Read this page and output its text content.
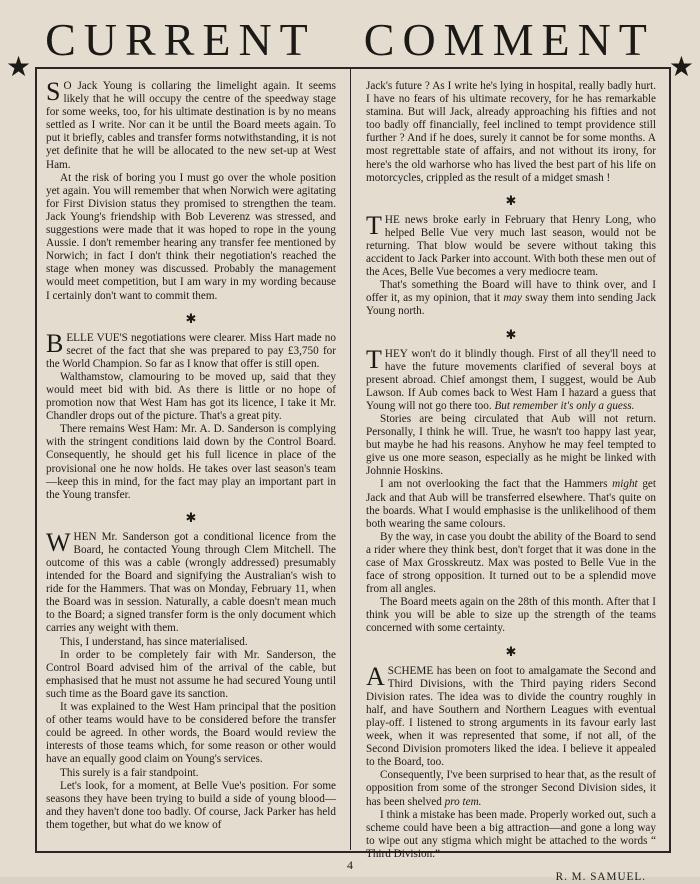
CURRENT COMMENT
★	★

S O Jack Young is collaring the limelight again. It seems likely that he will occupy the centre of the speedway stage for some weeks, too, for his ultimate destination is by no means settled as I write. Nor can it be until the Board meets again. To put it briefly, cables and transfer forms notwithstanding, it is not yet definite that he will be allocated to the new set-up at West Ham.

At the risk of boring you I must go over the whole position yet again. You will remember that when Norwich were agitating for First Division status they promised to strengthen the team. Jack Young's friendship with Bob Leverenz was stressed, and suggestions were made that it was hoped to rope in the young Aussie. I don't remember hearing any transfer fee mentioned by Norwich; in fact I don't think their negotiation's reached the stage when money was discussed. Probably the management would meet competition, but I am wary in my wording because I certainly don't want to commit them.

✱

BELLE VUE'S negotiations were clearer. Miss Hart made no secret of the fact that she was prepared to pay £3,750 for the World Champion. So far as I know that offer is still open.

Walthamstow, clamouring to be moved up, said that they would meet bid with bid. As there is little or no hope of promotion now that West Ham has got its licence, I take it Mr. Chandler drops out of the picture. That's a great pity.

There remains West Ham: Mr. A. D. Sanderson is complying with the stringent conditions laid down by the Control Board. Consequently, he should get his full licence in place of the provisional one he now holds. He takes over last season's team—keep this in mind, for the fact may play an important part in the Young transfer.

✱

WHEN Mr. Sanderson got a conditional licence from the Board, he contacted Young through Clem Mitchell. The outcome of this was a cable (wrongly addressed) presumably intended for the Board and signifying the Australian's wish to ride for the Hammers. That was on Monday, February 11, when the Board was in session. Naturally, a cable doesn't mean much to the Board; a signed transfer form is the only document which carries any weight with them.

This, I understand, has since materialised.

In order to be completely fair with Mr. Sanderson, the Control Board advised him of the arrival of the cable, but emphasised that he must not assume he had secured Young until such time as the Board gave its sanction.

It was explained to the West Ham principal that the position of other teams would have to be considered before the transfer could be agreed. In other words, the Board would review the interests of those teams which, for some reason or other would have an equally good claim on Young's services.

This surely is a fair standpoint.

Let's look, for a moment, at Belle Vue's position. For some seasons they have been trying to build a side of young blood—and they haven't done too badly. Of course, Jack Parker has held them together, but what do we know of

Jack's future ? As I write he's lying in hospital, really badly hurt. I have no fears of his ultimate recovery, for he has remarkable stamina. But will Jack, already approaching his fifties and not too badly off financially, feel inclined to tempt providence still further ? And if he does, surely it cannot be for some months. A most regrettable state of affairs, and not without its irony, for here's the old warhorse who has lived the best part of his life on motorcycles, crippled as the result of a midget smash !

✱

THE news broke early in February that Henry Long, who helped Belle Vue very much last season, would not be returning. That blow would be severe without taking this accident to Jack Parker into account. With both these men out of the Aces, Belle Vue becomes a very mediocre team.

That's something the Board will have to think over, and I offer it, as my opinion, that it may sway them into sending Jack Young north.

✱

THEY won't do it blindly though. First of all they'll need to have the future movements clarified of several boys at present abroad. Chief amongst them, I suggest, would be Aub Lawson. If Aub comes back to West Ham I hazard a guess that Young will not go there too. But remember it's only a guess.

Stories are being circulated that Aub will not return. Personally, I think he will. True, he wasn't too happy last year, but maybe he had his reasons. Anyhow he may feel tempted to give us one more season, especially as he might be linked with Johnnie Hoskins.

I am not overlooking the fact that the Hammers might get Jack and that Aub will be transferred elsewhere. That's quite on the boards. What I would emphasise is the unlikelihood of them both wearing the same colours.

By the way, in case you doubt the ability of the Board to send a rider where they think best, don't forget that it was done in the case of Max Grosskreutz. Max was posted to Belle Vue in the face of strong opposition. It turned out to be a splendid move from all angles.

The Board meets again on the 28th of this month. After that I think you will be able to size up the strength of the teams concerned with some certainty.

✱

A SCHEME has been on foot to amalgamate the Second and Third Divisions, with the Third paying riders Second Division rates. The idea was to divide the country roughly in half, and have Southern and Northern Leagues with eventual play-off. I listened to strong arguments in its favour early last week, when it was represented that some, if not all, of the Second Division promoters liked the idea. I believe it appealed to the Board, too.

Consequently, I've been surprised to hear that, as the result of opposition from some of the stronger Second Division sides, it has been shelved pro tem.

I think a mistake has been made. Properly worked out, such a scheme could have been a big attraction—and gone a long way to wipe out any stigma which might be attached to the words “ Third Division.”

R. M. SAMUEL.
4
